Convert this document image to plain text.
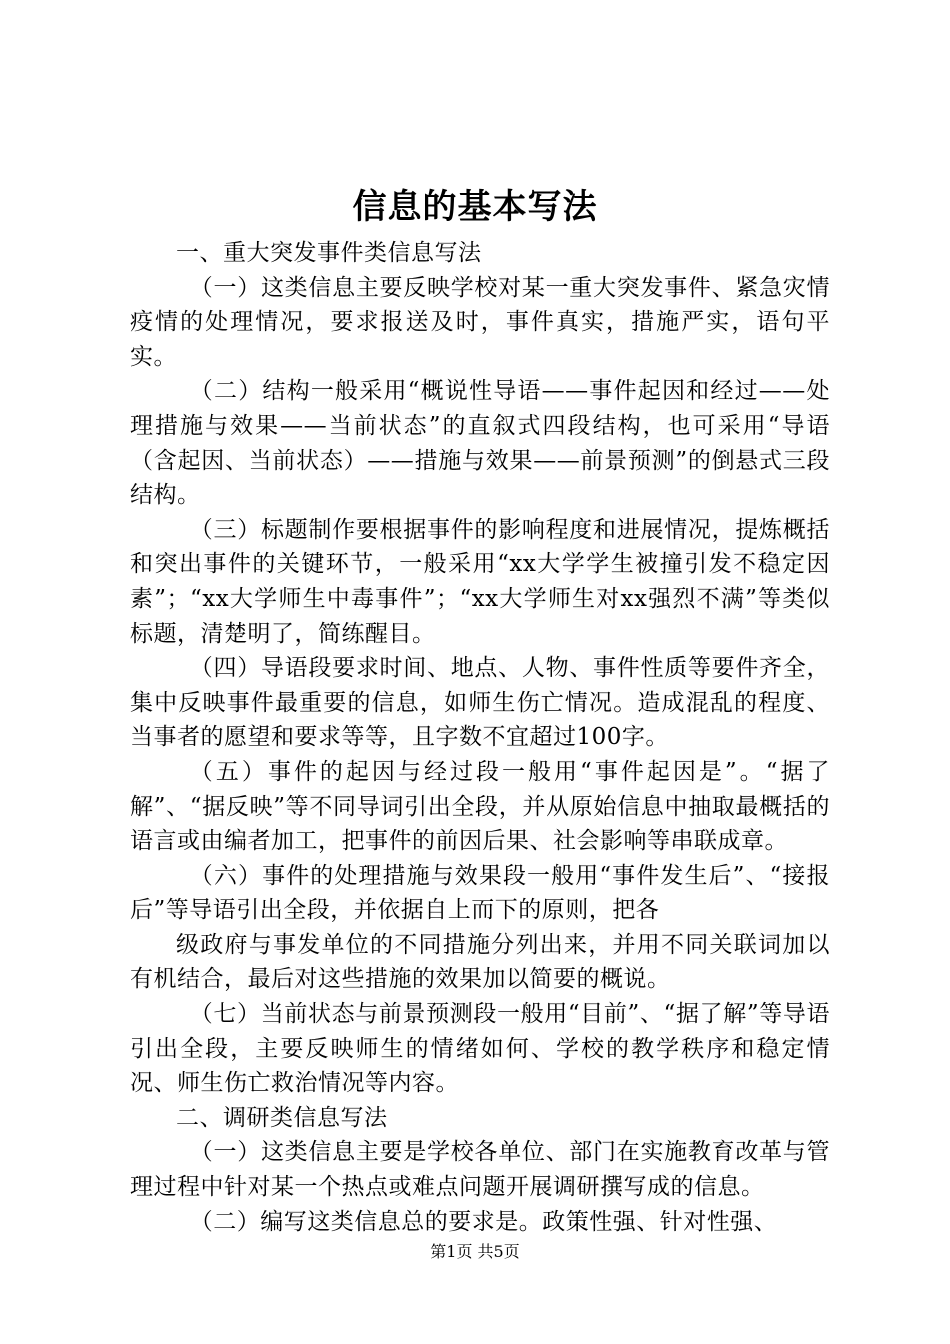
信息的基本写法

一、重大突发事件类信息写法

（一）这类信息主要反映学校对某一重大突发事件、紧急灾情疫情的处理情况，要求报送及时，事件真实，措施严实，语句平实。

（二）结构一般采用“概说性导语——事件起因和经过——处理措施与效果——当前状态”的直叙式四段结构，也可采用“导语（含起因、当前状态）——措施与效果——前景预测”的倒悬式三段结构。

（三）标题制作要根据事件的影响程度和进展情况，提炼概括和突出事件的关键环节，一般采用“xx大学学生被撞引发不稳定因素”；“xx大学师生中毒事件”；“xx大学师生对xx强烈不满”等类似标题，清楚明了，简练醒目。

（四）导语段要求时间、地点、人物、事件性质等要件齐全，集中反映事件最重要的信息，如师生伤亡情况。造成混乱的程度、当事者的愿望和要求等等，且字数不宜超过100字。

（五）事件的起因与经过段一般用“事件起因是”。“据了解”、“据反映”等不同导词引出全段，并从原始信息中抽取最概括的语言或由编者加工，把事件的前因后果、社会影响等串联成章。

（六）事件的处理措施与效果段一般用“事件发生后”、“接报后”等导语引出全段，并依据自上而下的原则，把各

级政府与事发单位的不同措施分列出来，并用不同关联词加以有机结合，最后对这些措施的效果加以简要的概说。

（七）当前状态与前景预测段一般用“目前”、“据了解”等导语引出全段，主要反映师生的情绪如何、学校的教学秩序和稳定情况、师生伤亡救治情况等内容。

二、调研类信息写法

（一）这类信息主要是学校各单位、部门在实施教育改革与管理过程中针对某一个热点或难点问题开展调研撰写成的信息。

（二）编写这类信息总的要求是。政策性强、针对性强、

第1页 共5页
